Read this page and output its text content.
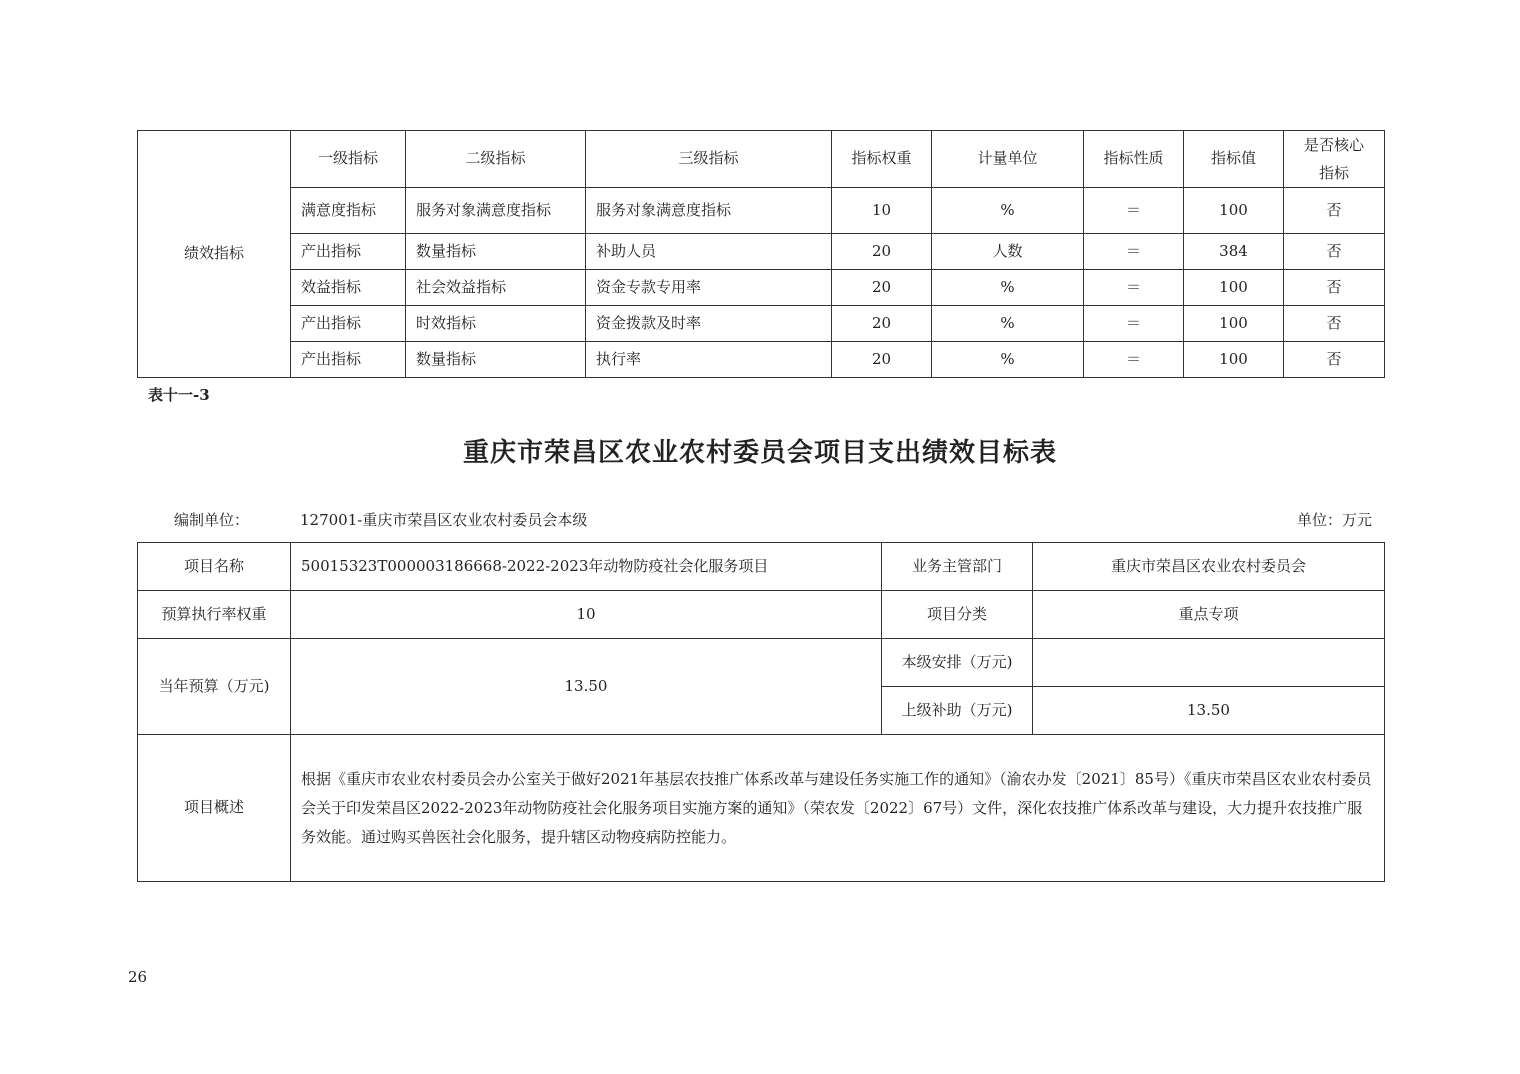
绩效指标	一级指标	二级指标	三级指标	指标权重	计量单位	指标性质	指标值	是否核心指标
	满意度指标	服务对象满意度指标	服务对象满意度指标	10	%	＝	100	否
	产出指标	数量指标	补助人员	20	人数	＝	384	否
	效益指标	社会效益指标	资金专款专用率	20	%	＝	100	否
	产出指标	时效指标	资金拨款及时率	20	%	＝	100	否
	产出指标	数量指标	执行率	20	%	＝	100	否
表十一-3
重庆市荣昌区农业农村委员会项目支出绩效目标表
编制单位：	127001-重庆市荣昌区农业农村委员会本级	单位：万元
项目名称	50015323T000003186668-2022-2023年动物防疫社会化服务项目	业务主管部门	重庆市荣昌区农业农村委员会
预算执行率权重	10	项目分类	重点专项
当年预算（万元)	13.50	本级安排（万元)	
		上级补助（万元)	13.50
项目概述	根据《重庆市农业农村委员会办公室关于做好2021年基层农技推广体系改革与建设任务实施工作的通知》（渝农办发〔2021〕85号）《重庆市荣昌区农业农村委员会关于印发荣昌区2022-2023年动物防疫社会化服务项目实施方案的通知》（荣农发〔2022〕67号）文件，深化农技推广体系改革与建设，大力提升农技推广服务效能。通过购买兽医社会化服务，提升辖区动物疫病防控能力。		
26
